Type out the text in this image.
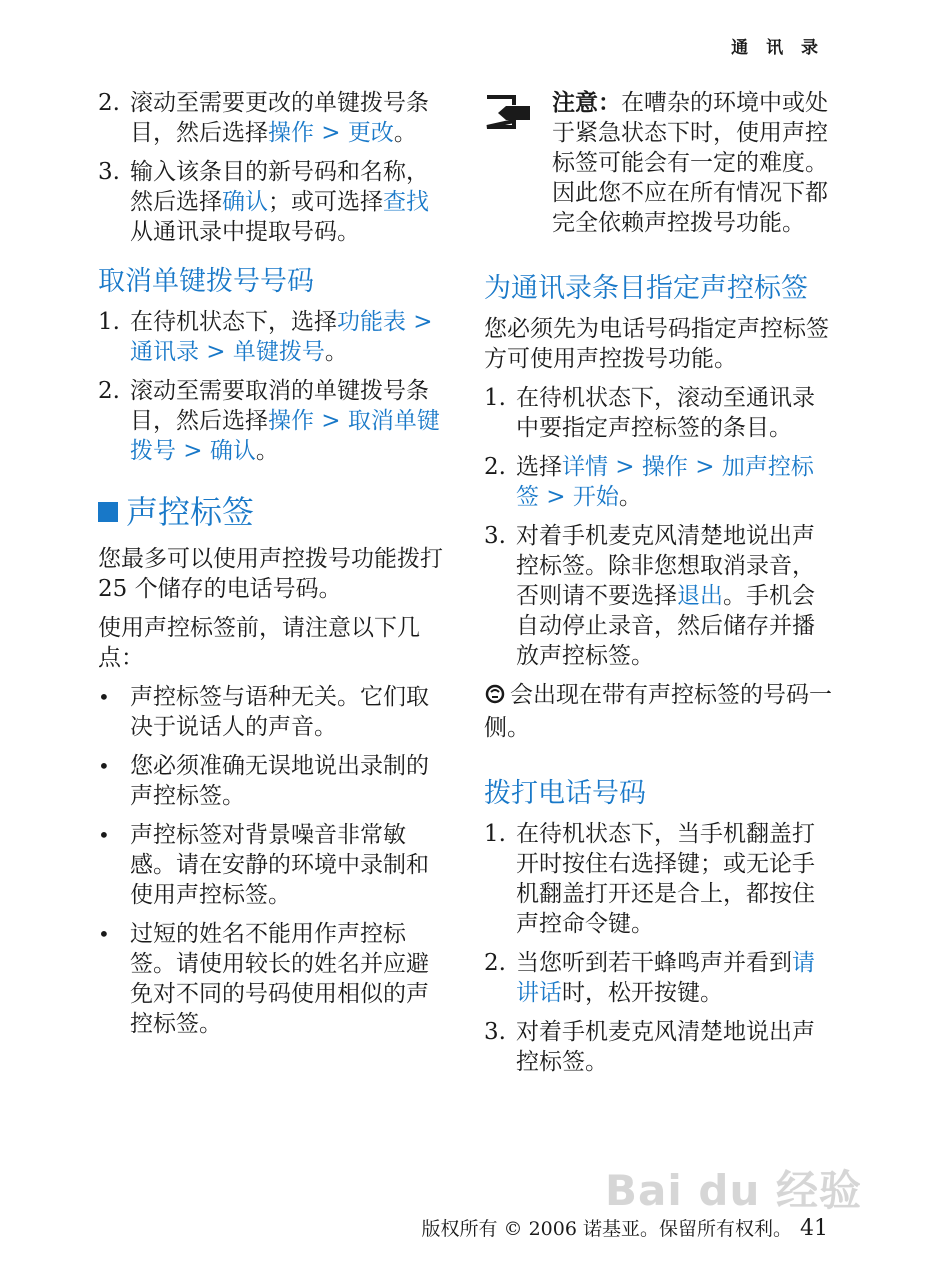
通 讯 录
2. 滚动至需要更改的单键拨号条目，然后选择操作 > 更改。
3. 输入该条目的新号码和名称，然后选择确认；或可选择查找从通讯录中提取号码。
取消单键拨号号码
1. 在待机状态下，选择功能表 > 通讯录 > 单键拨号。
2. 滚动至需要取消的单键拨号条目，然后选择操作 > 取消单键拨号 > 确认。
声控标签
您最多可以使用声控拨号功能拨打 25 个储存的电话号码。
使用声控标签前，请注意以下几点：
• 声控标签与语种无关。它们取决于说话人的声音。
• 您必须准确无误地说出录制的声控标签。
• 声控标签对背景噪音非常敏感。请在安静的环境中录制和使用声控标签。
• 过短的姓名不能用作声控标签。请使用较长的姓名并应避免对不同的号码使用相似的声控标签。
注意：在嘈杂的环境中或处于紧急状态下时，使用声控标签可能会有一定的难度。因此您不应在所有情况下都完全依赖声控拨号功能。
为通讯录条目指定声控标签
您必须先为电话号码指定声控标签方可使用声控拨号功能。
1. 在待机状态下，滚动至通讯录中要指定声控标签的条目。
2. 选择详情 > 操作 > 加声控标签 > 开始。
3. 对着手机麦克风清楚地说出声控标签。除非您想取消录音，否则请不要选择退出。手机会自动停止录音，然后储存并播放声控标签。
会出现在带有声控标签的号码一侧。
拨打电话号码
1. 在待机状态下，当手机翻盖打开时按住右选择键；或无论手机翻盖打开还是合上，都按住声控命令键。
2. 当您听到若干蜂鸣声并看到请讲话时，松开按键。
3. 对着手机麦克风清楚地说出声控标签。
Bai du 经验
版权所有 © 2006 诺基亚。保留所有权利。 41
